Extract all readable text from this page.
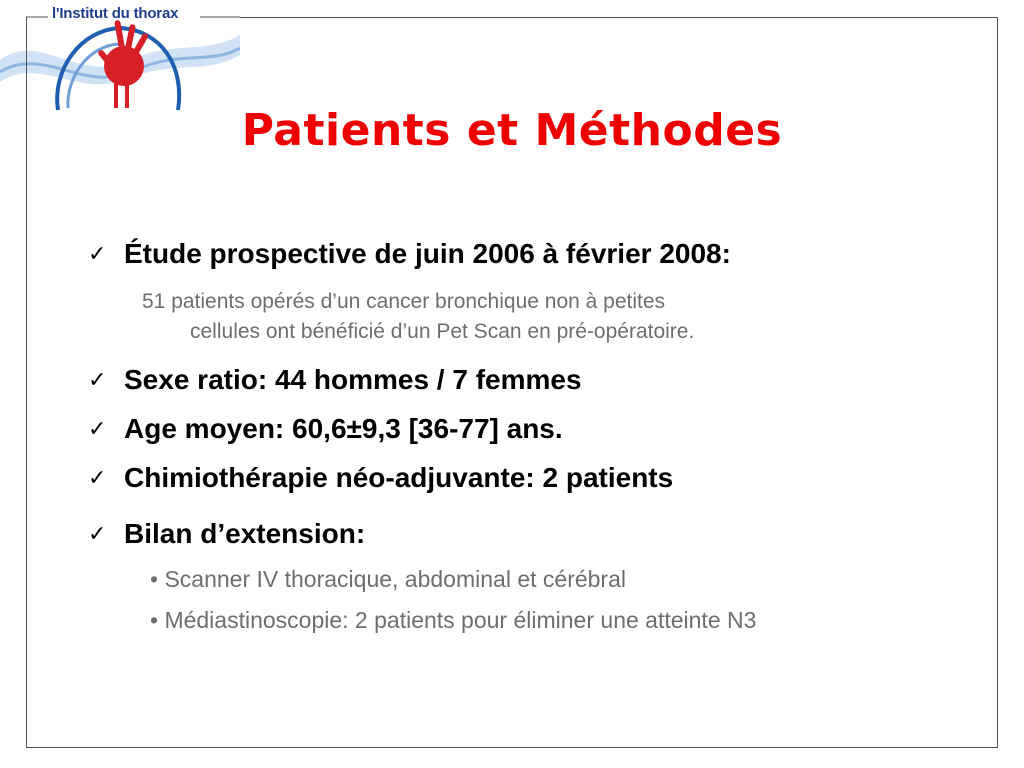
l'Institut du thorax
Patients et Méthodes
✓ Étude prospective de juin 2006 à février 2008:
51 patients opérés d’un cancer bronchique non à petites
cellules ont bénéficié d’un Pet Scan en pré-opératoire.
✓ Sexe ratio: 44 hommes / 7 femmes
✓ Age moyen: 60,6±9,3 [36-77] ans.
✓ Chimiothérapie néo-adjuvante: 2 patients
✓ Bilan d’extension:
• Scanner IV thoracique, abdominal et cérébral
• Médiastinoscopie: 2 patients pour éliminer une atteinte N3
